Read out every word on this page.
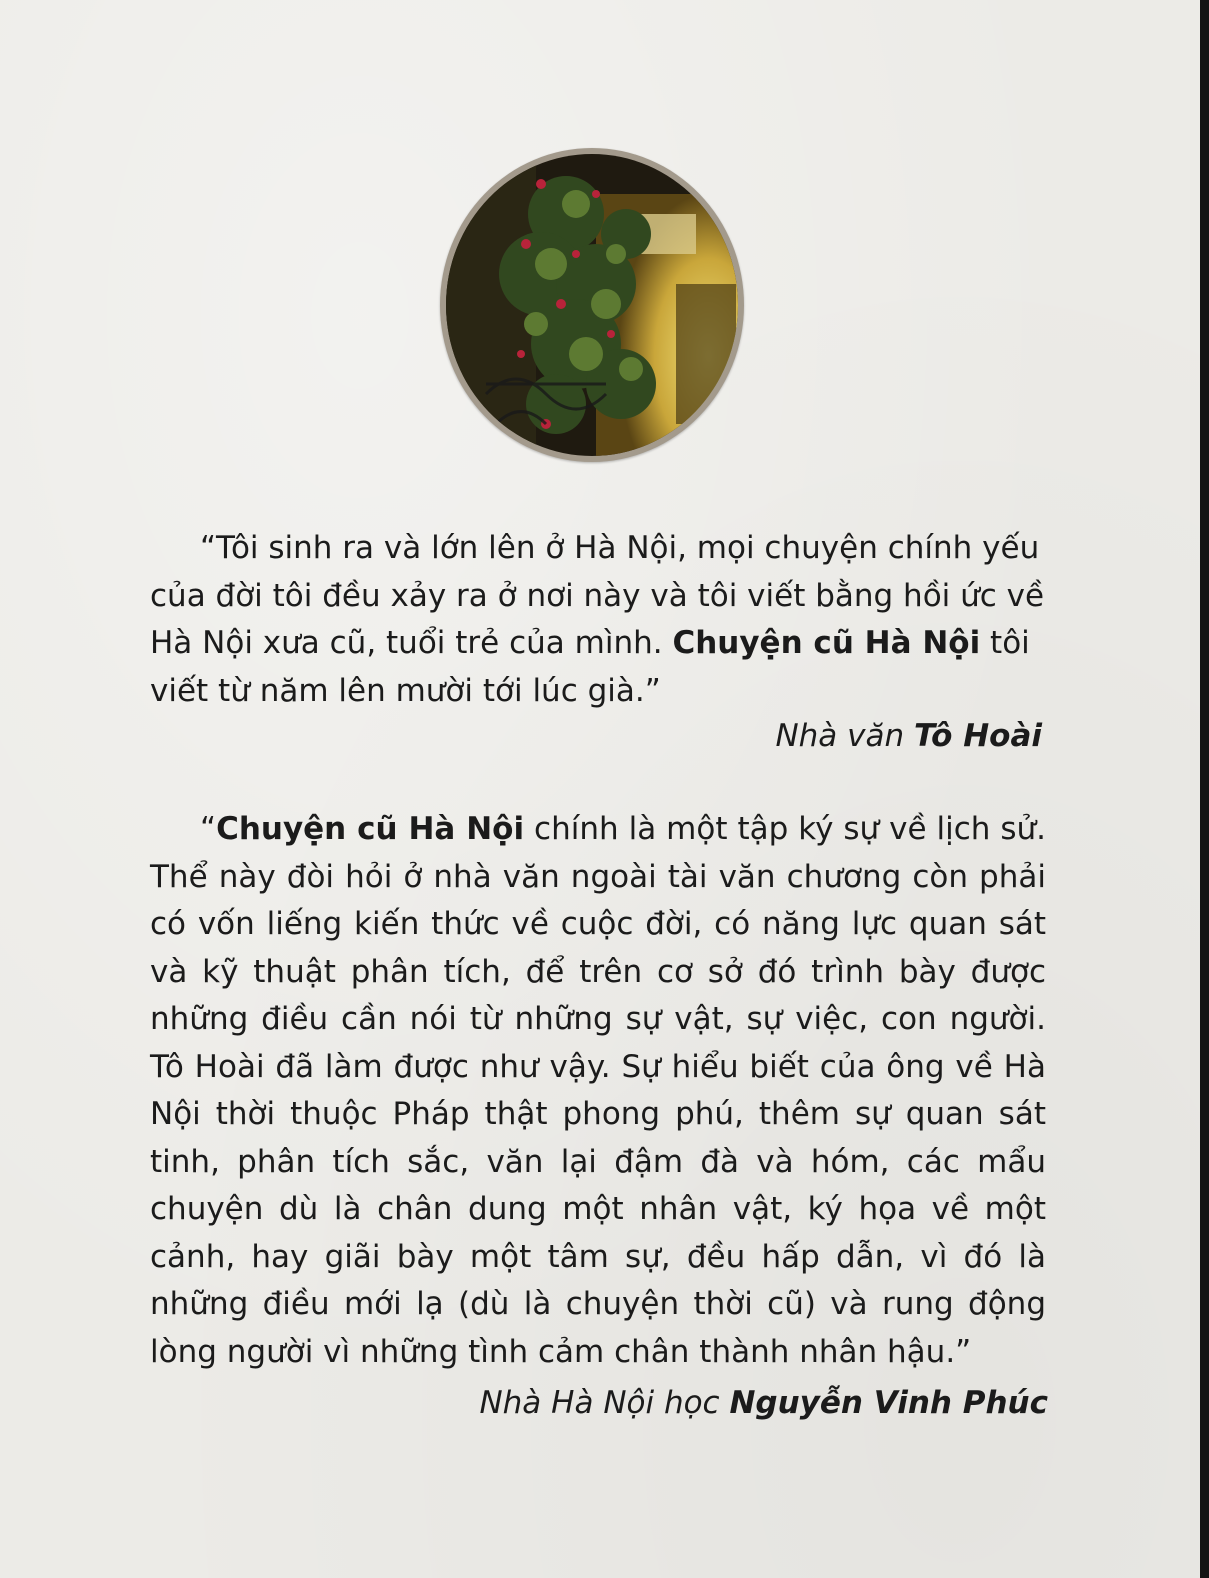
“Tôi sinh ra và lớn lên ở Hà Nội, mọi chuyện chính yếu của đời tôi đều xảy ra ở nơi này và tôi viết bằng hồi ức về Hà Nội xưa cũ, tuổi trẻ của mình. Chuyện cũ Hà Nội tôi viết từ năm lên mười tới lúc già.”

Nhà văn Tô Hoài

“Chuyện cũ Hà Nội chính là một tập ký sự về lịch sử. Thể này đòi hỏi ở nhà văn ngoài tài văn chương còn phải có vốn liếng kiến thức về cuộc đời, có năng lực quan sát và kỹ thuật phân tích, để trên cơ sở đó trình bày được những điều cần nói từ những sự vật, sự việc, con người. Tô Hoài đã làm được như vậy. Sự hiểu biết của ông về Hà Nội thời thuộc Pháp thật phong phú, thêm sự quan sát tinh, phân tích sắc, văn lại đậm đà và hóm, các mẩu chuyện dù là chân dung một nhân vật, ký họa về một cảnh, hay giãi bày một tâm sự, đều hấp dẫn, vì đó là những điều mới lạ (dù là chuyện thời cũ) và rung động lòng người vì những tình cảm chân thành nhân hậu.”

Nhà Hà Nội học Nguyễn Vinh Phúc
